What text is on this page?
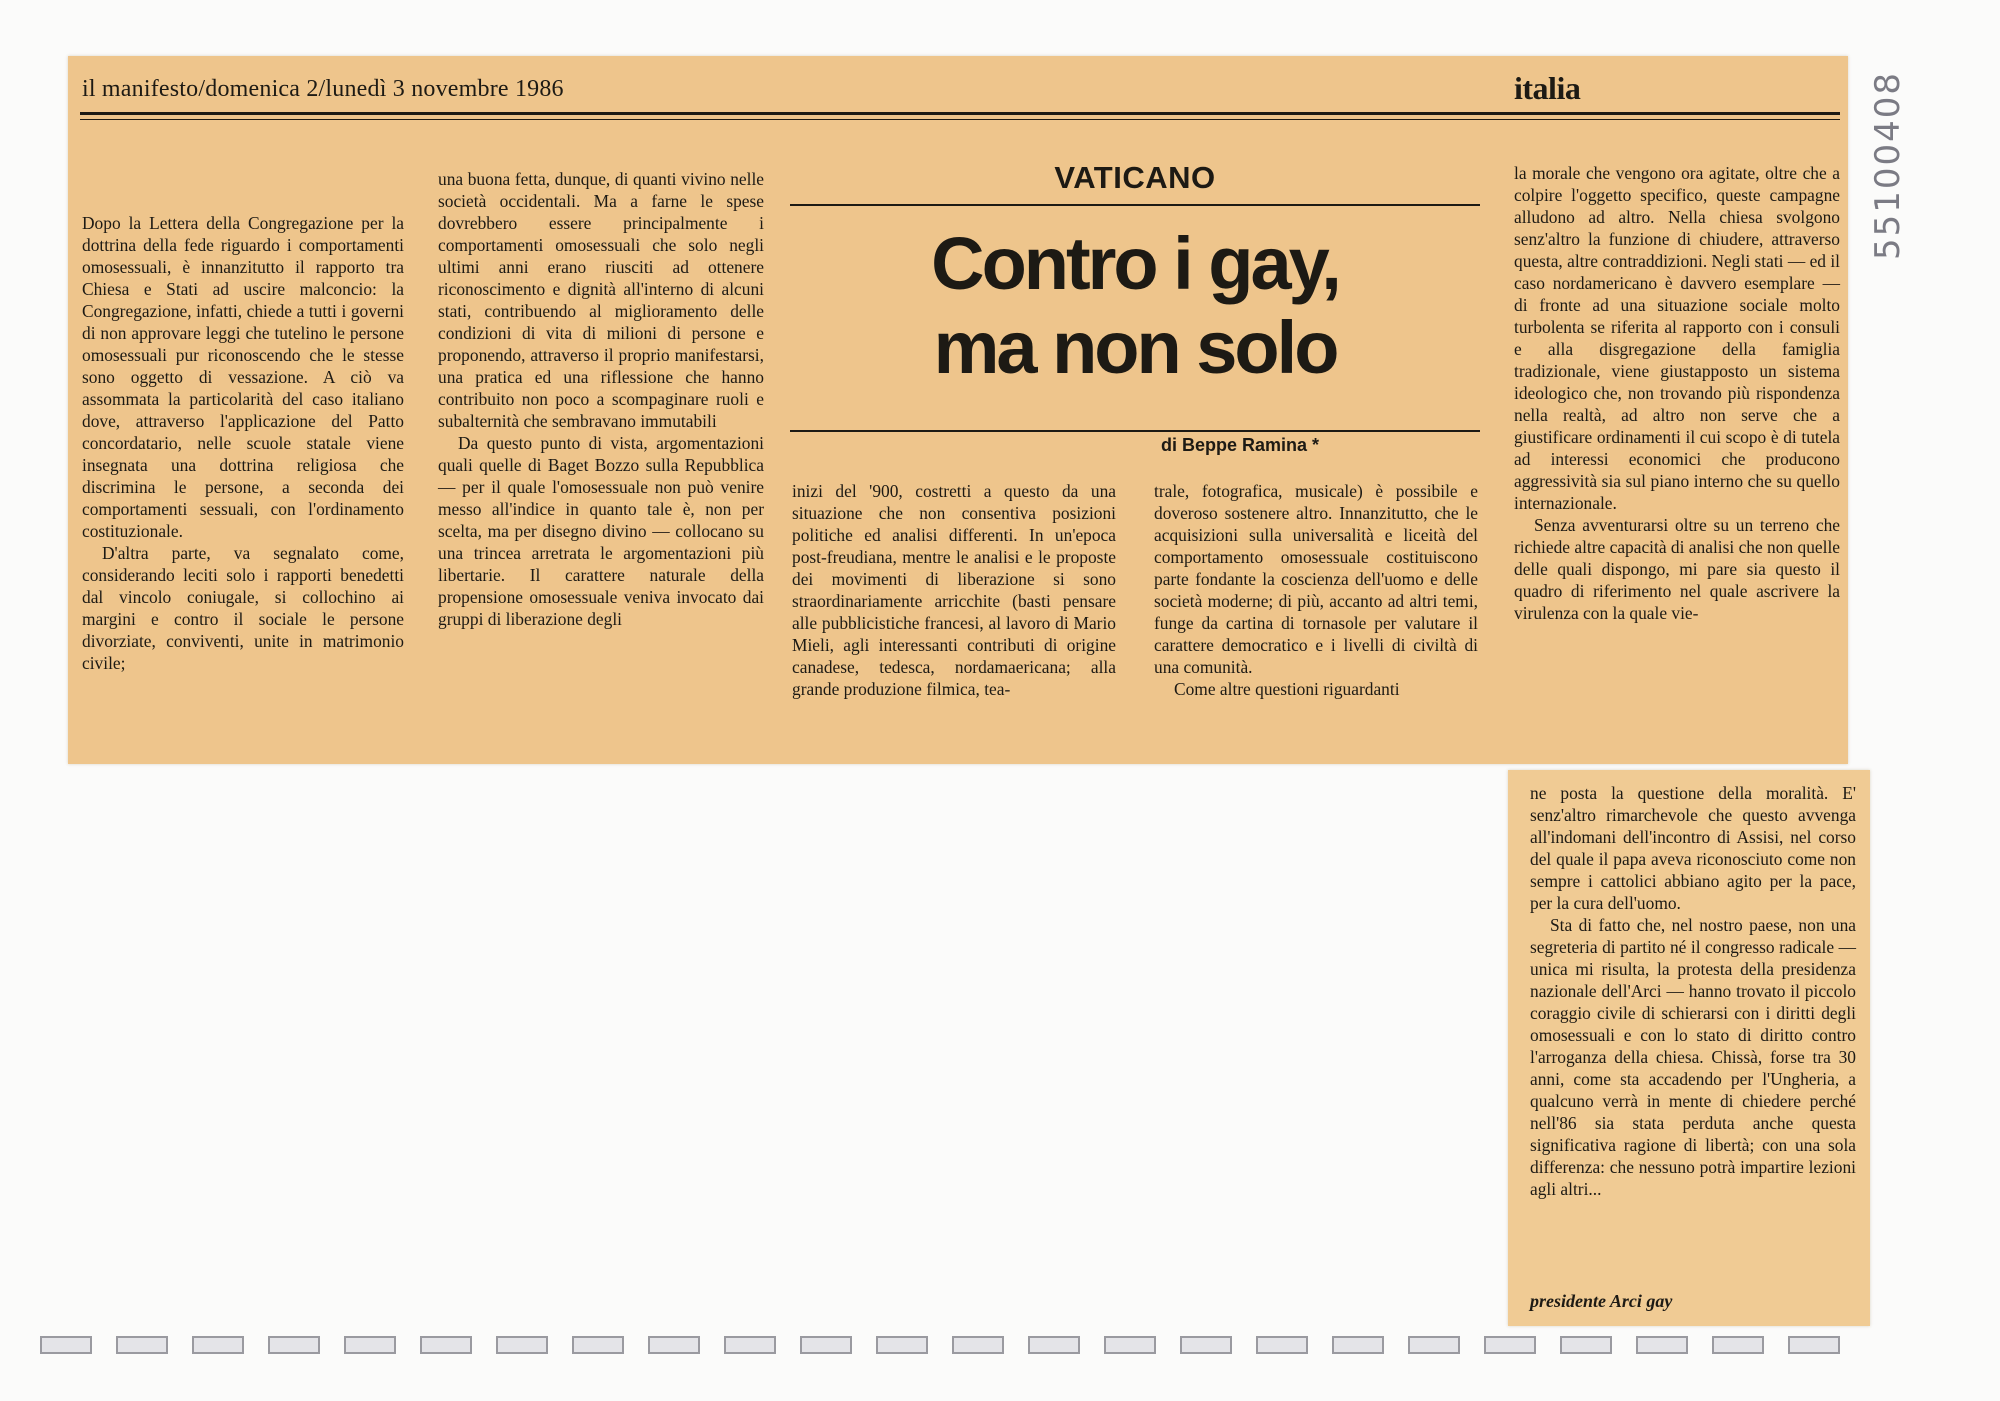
il manifesto/domenica 2/lunedì 3 novembre 1986	italia

Dopo la Lettera della Congregazione per la dottrina della fede riguardo i comportamenti omosessuali, è innanzitutto il rapporto tra Chiesa e Stati ad uscire malconcio: la Congregazione, infatti, chiede a tutti i governi di non approvare leggi che tutelino le persone omosessuali pur riconoscendo che le stesse sono oggetto di vessazione. A ciò va assommata la particolarità del caso italiano dove, attraverso l'applicazione del Patto concordatario, nelle scuole statale viene insegnata una dottrina religiosa che discrimina le persone, a seconda dei comportamenti sessuali, con l'ordinamento costituzionale.

D'altra parte, va segnalato come, considerando leciti solo i rapporti benedetti dal vincolo coniugale, si collochino ai margini e contro il sociale le persone divorziate, conviventi, unite in matrimonio civile;

una buona fetta, dunque, di quanti vivino nelle società occidentali. Ma a farne le spese dovrebbero essere principalmente i comportamenti omosessuali che solo negli ultimi anni erano riusciti ad ottenere riconoscimento e dignità all'interno di alcuni stati, contribuendo al miglioramento delle condizioni di vita di milioni di persone e proponendo, attraverso il proprio manifestarsi, una pratica ed una riflessione che hanno contribuito non poco a scompaginare ruoli e subalternità che sembravano immutabili

Da questo punto di vista, argomentazioni quali quelle di Baget Bozzo sulla Repubblica — per il quale l'omosessuale non può venire messo all'indice in quanto tale è, non per scelta, ma per disegno divino — collocano su una trincea arretrata le argomentazioni più libertarie. Il carattere naturale della propensione omosessuale veniva invocato dai gruppi di liberazione degli

VATICANO

Contro i gay,
ma non solo

di Beppe Ramina *

inizi del '900, costretti a questo da una situazione che non consentiva posizioni politiche ed analisi differenti. In un'epoca post-freudiana, mentre le analisi e le proposte dei movimenti di liberazione si sono straordinariamente arricchite (basti pensare alle pubblicistiche francesi, al lavoro di Mario Mieli, agli interessanti contributi di origine canadese, tedesca, nordamaericana; alla grande produzione filmica, tea-

trale, fotografica, musicale) è possibile e doveroso sostenere altro. Innanzitutto, che le acquisizioni sulla universalità e liceità del comportamento omosessuale costituiscono parte fondante la coscienza dell'uomo e delle società moderne; di più, accanto ad altri temi, funge da cartina di tornasole per valutare il carattere democratico e i livelli di civiltà di una comunità.

Come altre questioni riguardanti

la morale che vengono ora agitate, oltre che a colpire l'oggetto specifico, queste campagne alludono ad altro. Nella chiesa svolgono senz'altro la funzione di chiudere, attraverso questa, altre contraddizioni. Negli stati — ed il caso nordamericano è davvero esemplare — di fronte ad una situazione sociale molto turbolenta se riferita al rapporto con i consuli e alla disgregazione della famiglia tradizionale, viene giustapposto un sistema ideologico che, non trovando più rispondenza nella realtà, ad altro non serve che a giustificare ordinamenti il cui scopo è di tutela ad interessi economici che producono aggressività sia sul piano interno che su quello internazionale.

Senza avventurarsi oltre su un terreno che richiede altre capacità di analisi che non quelle delle quali dispongo, mi pare sia questo il quadro di riferimento nel quale ascrivere la virulenza con la quale vie-

ne posta la questione della moralità. E' senz'altro rimarchevole che questo avvenga all'indomani dell'incontro di Assisi, nel corso del quale il papa aveva riconosciuto come non sempre i cattolici abbiano agito per la pace, per la cura dell'uomo.

Sta di fatto che, nel nostro paese, non una segreteria di partito né il congresso radicale — unica mi risulta, la protesta della presidenza nazionale dell'Arci — hanno trovato il piccolo coraggio civile di schierarsi con i diritti degli omosessuali e con lo stato di diritto contro l'arroganza della chiesa. Chissà, forse tra 30 anni, come sta accadendo per l'Ungheria, a qualcuno verrà in mente di chiedere perché nell'86 sia stata perduta anche questa significativa ragione di libertà; con una sola differenza: che nessuno potrà impartire lezioni agli altri...

presidente Arci gay

55100408
